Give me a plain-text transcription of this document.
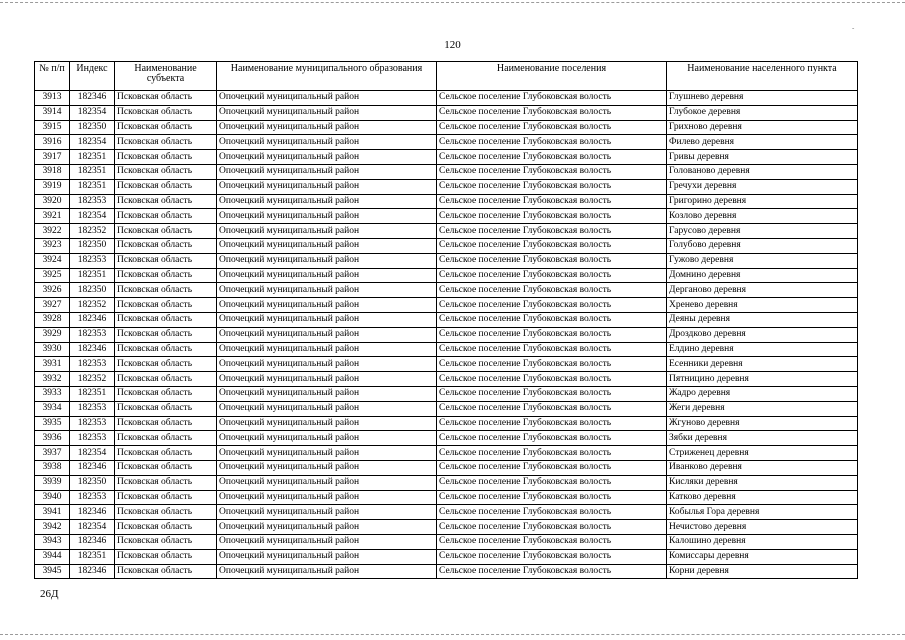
-
120
№ п/п	Индекс	Наименование субъекта	Наименование муниципального образования	Наименование поселения	Наименование населенного пункта
3913	182346	Псковская область	Опочецкий муниципальный район	Сельское поселение Глубоковская волость	Глушнево деревня
3914	182354	Псковская область	Опочецкий муниципальный район	Сельское поселение Глубоковская волость	Глубокое деревня
3915	182350	Псковская область	Опочецкий муниципальный район	Сельское поселение Глубоковская волость	Грихново деревня
3916	182354	Псковская область	Опочецкий муниципальный район	Сельское поселение Глубоковская волость	Филево деревня
3917	182351	Псковская область	Опочецкий муниципальный район	Сельское поселение Глубоковская волость	Гривы деревня
3918	182351	Псковская область	Опочецкий муниципальный район	Сельское поселение Глубоковская волость	Голованово деревня
3919	182351	Псковская область	Опочецкий муниципальный район	Сельское поселение Глубоковская волость	Гречухи деревня
3920	182353	Псковская область	Опочецкий муниципальный район	Сельское поселение Глубоковская волость	Григорино деревня
3921	182354	Псковская область	Опочецкий муниципальный район	Сельское поселение Глубоковская волость	Козлово деревня
3922	182352	Псковская область	Опочецкий муниципальный район	Сельское поселение Глубоковская волость	Гарусово деревня
3923	182350	Псковская область	Опочецкий муниципальный район	Сельское поселение Глубоковская волость	Голубово деревня
3924	182353	Псковская область	Опочецкий муниципальный район	Сельское поселение Глубоковская волость	Гужово деревня
3925	182351	Псковская область	Опочецкий муниципальный район	Сельское поселение Глубоковская волость	Домнино деревня
3926	182350	Псковская область	Опочецкий муниципальный район	Сельское поселение Глубоковская волость	Дерганово деревня
3927	182352	Псковская область	Опочецкий муниципальный район	Сельское поселение Глубоковская волость	Хренево деревня
3928	182346	Псковская область	Опочецкий муниципальный район	Сельское поселение Глубоковская волость	Деяны деревня
3929	182353	Псковская область	Опочецкий муниципальный район	Сельское поселение Глубоковская волость	Дроздково деревня
3930	182346	Псковская область	Опочецкий муниципальный район	Сельское поселение Глубоковская волость	Елдино деревня
3931	182353	Псковская область	Опочецкий муниципальный район	Сельское поселение Глубоковская волость	Есенники деревня
3932	182352	Псковская область	Опочецкий муниципальный район	Сельское поселение Глубоковская волость	Пятницино деревня
3933	182351	Псковская область	Опочецкий муниципальный район	Сельское поселение Глубоковская волость	Жадро деревня
3934	182353	Псковская область	Опочецкий муниципальный район	Сельское поселение Глубоковская волость	Жеги деревня
3935	182353	Псковская область	Опочецкий муниципальный район	Сельское поселение Глубоковская волость	Жгуново деревня
3936	182353	Псковская область	Опочецкий муниципальный район	Сельское поселение Глубоковская волость	Зябки деревня
3937	182354	Псковская область	Опочецкий муниципальный район	Сельское поселение Глубоковская волость	Стриженец деревня
3938	182346	Псковская область	Опочецкий муниципальный район	Сельское поселение Глубоковская волость	Иванково деревня
3939	182350	Псковская область	Опочецкий муниципальный район	Сельское поселение Глубоковская волость	Кисляки деревня
3940	182353	Псковская область	Опочецкий муниципальный район	Сельское поселение Глубоковская волость	Катково деревня
3941	182346	Псковская область	Опочецкий муниципальный район	Сельское поселение Глубоковская волость	Кобылья Гора деревня
3942	182354	Псковская область	Опочецкий муниципальный район	Сельское поселение Глубоковская волость	Нечистово деревня
3943	182346	Псковская область	Опочецкий муниципальный район	Сельское поселение Глубоковская волость	Калошино деревня
3944	182351	Псковская область	Опочецкий муниципальный район	Сельское поселение Глубоковская волость	Комиссары деревня
3945	182346	Псковская область	Опочецкий муниципальный район	Сельское поселение Глубоковская волость	Корни деревня
26Д
